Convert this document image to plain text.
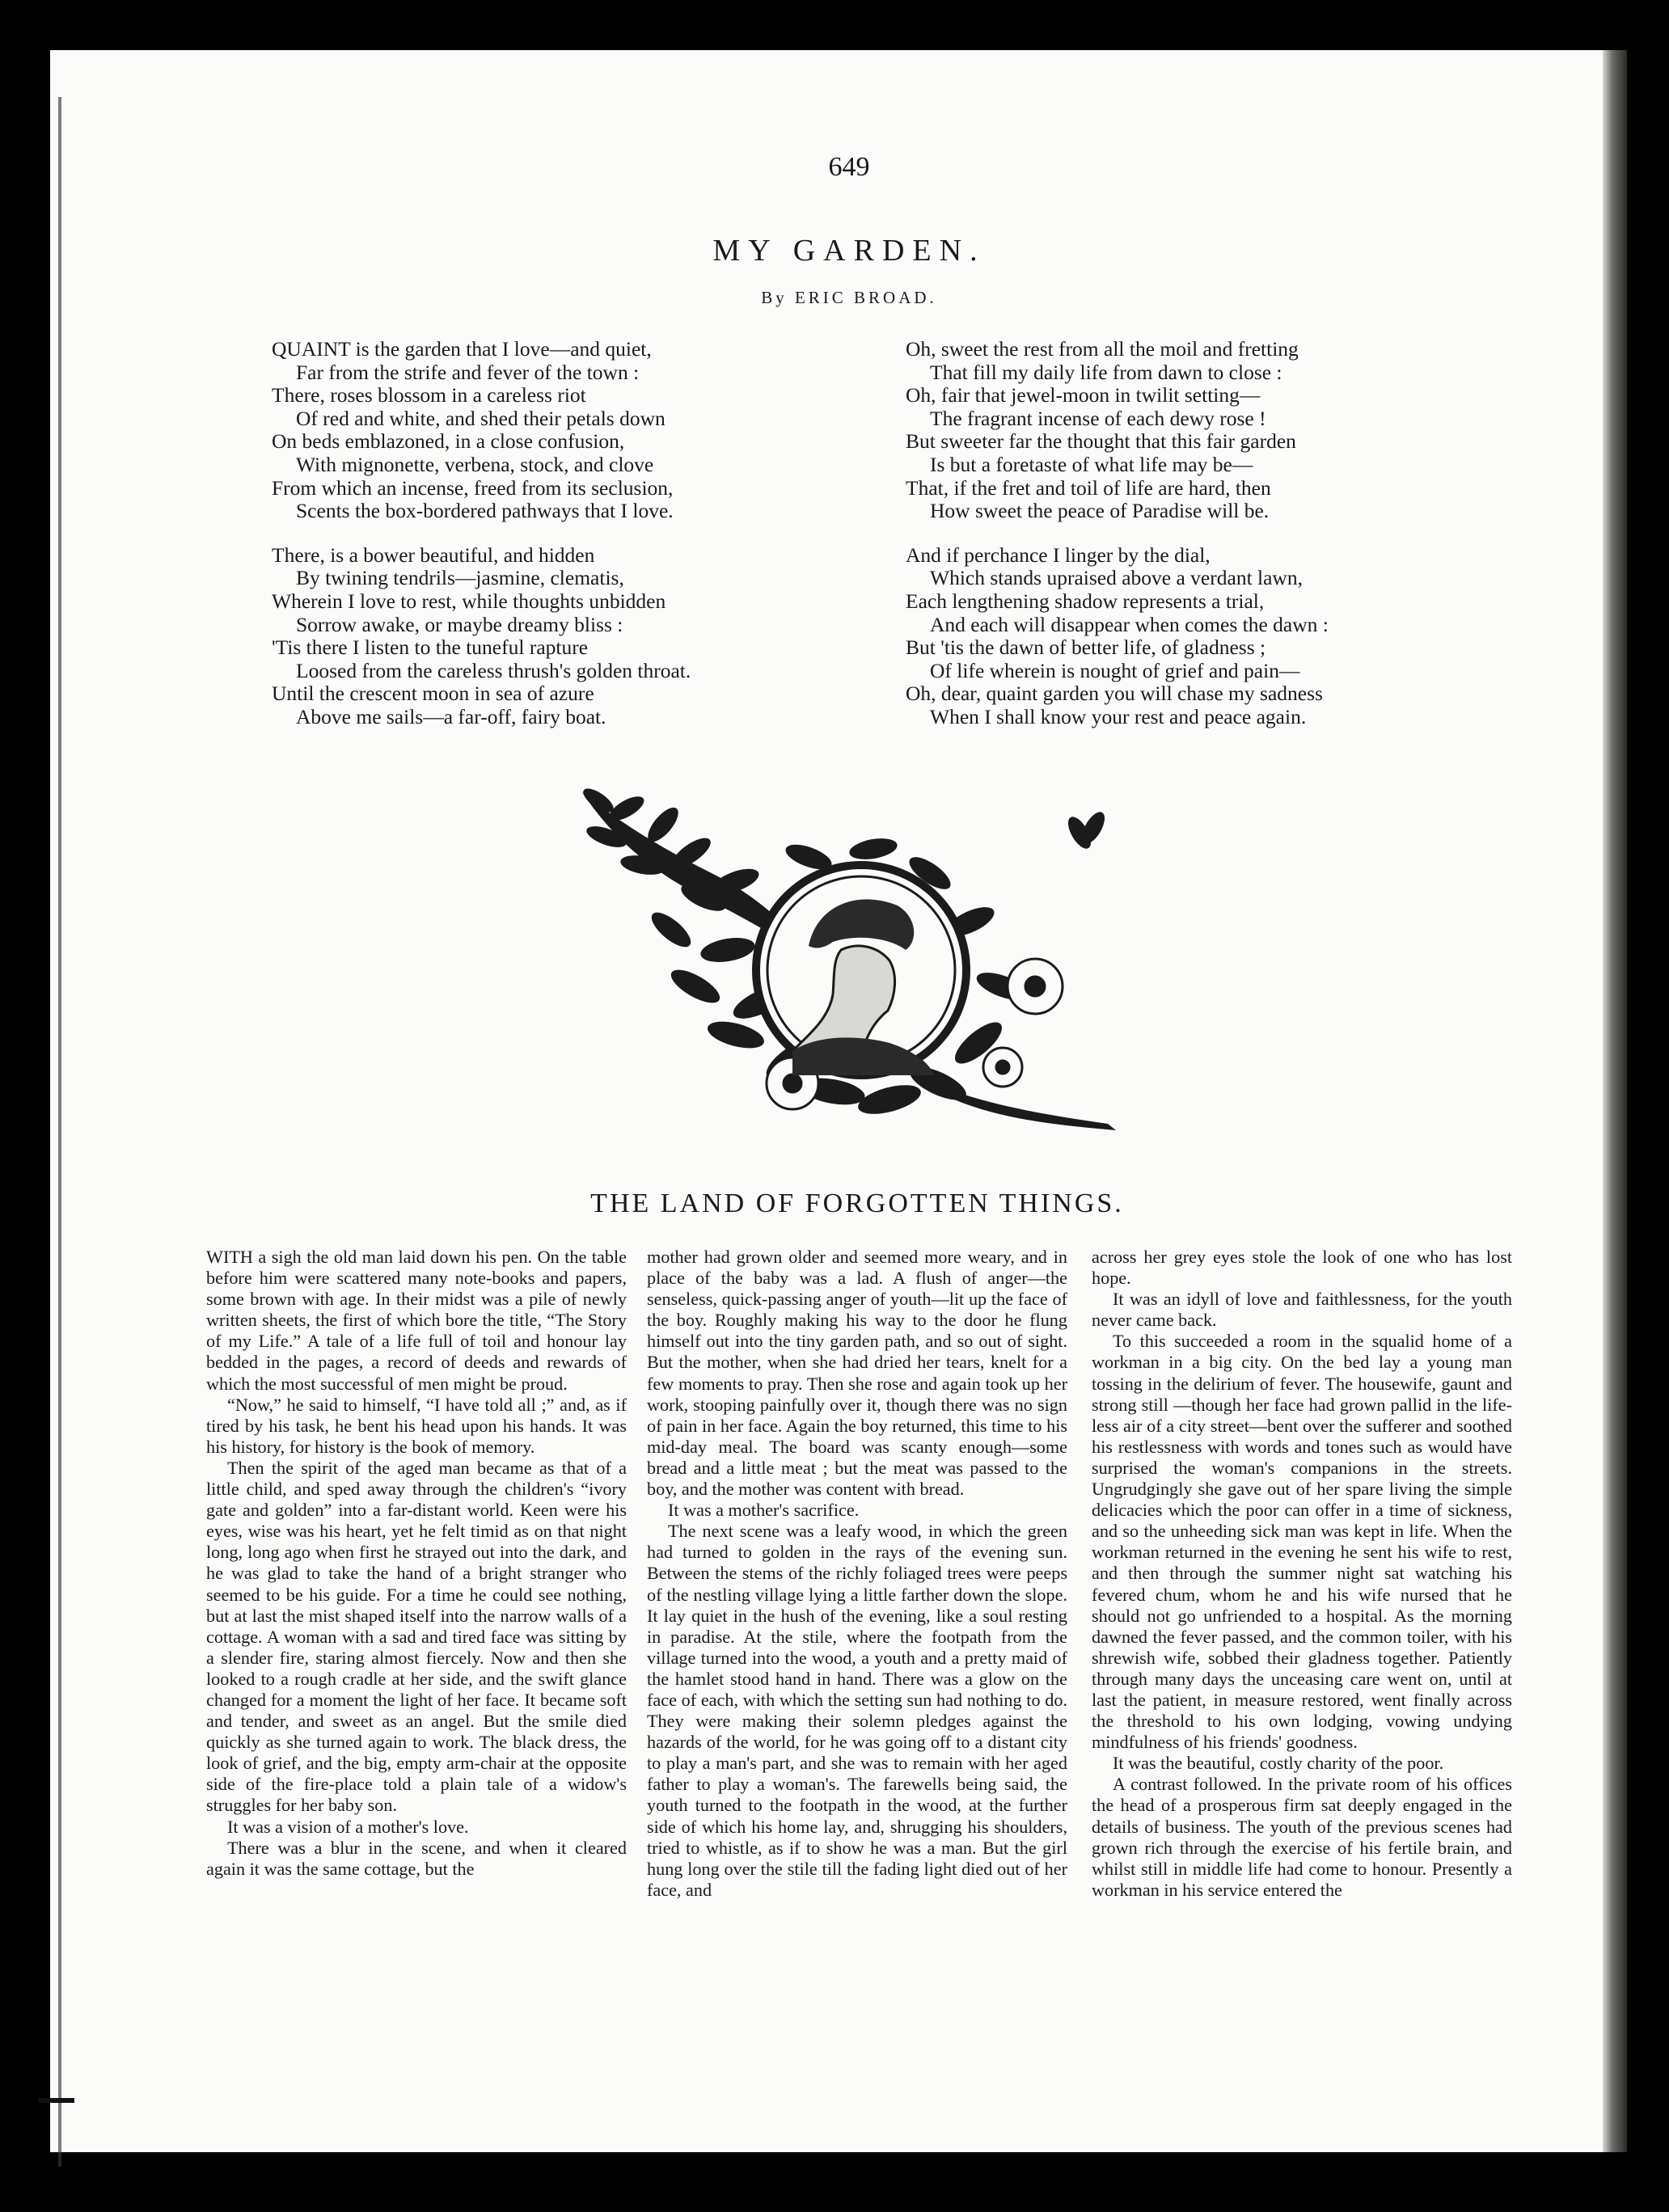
649
MY GARDEN.
By ERIC BROAD.
QUAINT is the garden that I love—and quiet,
Far from the strife and fever of the town :
There, roses blossom in a careless riot
Of red and white, and shed their petals down
On beds emblazoned, in a close confusion,
With mignonette, verbena, stock, and clove
From which an incense, freed from its seclusion,
Scents the box-bordered pathways that I love.
There, is a bower beautiful, and hidden
By twining tendrils—jasmine, clematis,
Wherein I love to rest, while thoughts unbidden
Sorrow awake, or maybe dreamy bliss :
'Tis there I listen to the tuneful rapture
Loosed from the careless thrush's golden throat.
Until the crescent moon in sea of azure
Above me sails—a far-off, fairy boat.
Oh, sweet the rest from all the moil and fretting
That fill my daily life from dawn to close :
Oh, fair that jewel-moon in twilit setting—
The fragrant incense of each dewy rose !
But sweeter far the thought that this fair garden
Is but a foretaste of what life may be—
That, if the fret and toil of life are hard, then
How sweet the peace of Paradise will be.
And if perchance I linger by the dial,
Which stands upraised above a verdant lawn,
Each lengthening shadow represents a trial,
And each will disappear when comes the dawn :
But 'tis the dawn of better life, of gladness ;
Of life wherein is nought of grief and pain—
Oh, dear, quaint garden you will chase my sadness
When I shall know your rest and peace again.
THE LAND OF FORGOTTEN THINGS.

WITH a sigh the old man laid down his pen. On the table before him were scattered many note-books and papers, some brown with age. In their midst was a pile of newly written sheets, the first of which bore the title, “The Story of my Life.” A tale of a life full of toil and honour lay bedded in the pages, a record of deeds and rewards of which the most successful of men might be proud.

“Now,” he said to himself, “I have told all ;” and, as if tired by his task, he bent his head upon his hands. It was his history, for history is the book of memory.

Then the spirit of the aged man became as that of a little child, and sped away through the children's “ivory gate and golden” into a far-distant world. Keen were his eyes, wise was his heart, yet he felt timid as on that night long, long ago when first he strayed out into the dark, and he was glad to take the hand of a bright stranger who seemed to be his guide. For a time he could see nothing, but at last the mist shaped itself into the narrow walls of a cottage. A woman with a sad and tired face was sitting by a slender fire, staring almost fiercely. Now and then she looked to a rough cradle at her side, and the swift glance changed for a moment the light of her face. It became soft and tender, and sweet as an angel. But the smile died quickly as she turned again to work. The black dress, the look of grief, and the big, empty arm-chair at the opposite side of the fire-place told a plain tale of a widow's struggles for her baby son.

It was a vision of a mother's love.

There was a blur in the scene, and when it cleared again it was the same cottage, but the

mother had grown older and seemed more weary, and in place of the baby was a lad. A flush of anger—the senseless, quick-passing anger of youth—lit up the face of the boy. Roughly making his way to the door he flung himself out into the tiny garden path, and so out of sight. But the mother, when she had dried her tears, knelt for a few moments to pray. Then she rose and again took up her work, stooping painfully over it, though there was no sign of pain in her face. Again the boy returned, this time to his mid-day meal. The board was scanty enough—some bread and a little meat ; but the meat was passed to the boy, and the mother was content with bread.

It was a mother's sacrifice.

The next scene was a leafy wood, in which the green had turned to golden in the rays of the evening sun. Between the stems of the richly foliaged trees were peeps of the nestling village lying a little farther down the slope. It lay quiet in the hush of the evening, like a soul resting in paradise. At the stile, where the footpath from the village turned into the wood, a youth and a pretty maid of the hamlet stood hand in hand. There was a glow on the face of each, with which the setting sun had nothing to do. They were making their solemn pledges against the hazards of the world, for he was going off to a distant city to play a man's part, and she was to remain with her aged father to play a woman's. The farewells being said, the youth turned to the footpath in the wood, at the further side of which his home lay, and, shrugging his shoulders, tried to whistle, as if to show he was a man. But the girl hung long over the stile till the fading light died out of her face, and

across her grey eyes stole the look of one who has lost hope.

It was an idyll of love and faithlessness, for the youth never came back.

To this succeeded a room in the squalid home of a workman in a big city. On the bed lay a young man tossing in the delirium of fever. The housewife, gaunt and strong still —though her face had grown pallid in the life-less air of a city street—bent over the sufferer and soothed his restlessness with words and tones such as would have surprised the woman's companions in the streets. Ungrudgingly she gave out of her spare living the simple delicacies which the poor can offer in a time of sickness, and so the unheeding sick man was kept in life. When the workman returned in the evening he sent his wife to rest, and then through the summer night sat watching his fevered chum, whom he and his wife nursed that he should not go unfriended to a hospital. As the morning dawned the fever passed, and the common toiler, with his shrewish wife, sobbed their gladness together. Patiently through many days the unceasing care went on, until at last the patient, in measure restored, went finally across the threshold to his own lodging, vowing undying mindfulness of his friends' goodness.

It was the beautiful, costly charity of the poor.

A contrast followed. In the private room of his offices the head of a prosperous firm sat deeply engaged in the details of business. The youth of the previous scenes had grown rich through the exercise of his fertile brain, and whilst still in middle life had come to honour. Presently a workman in his service entered the
